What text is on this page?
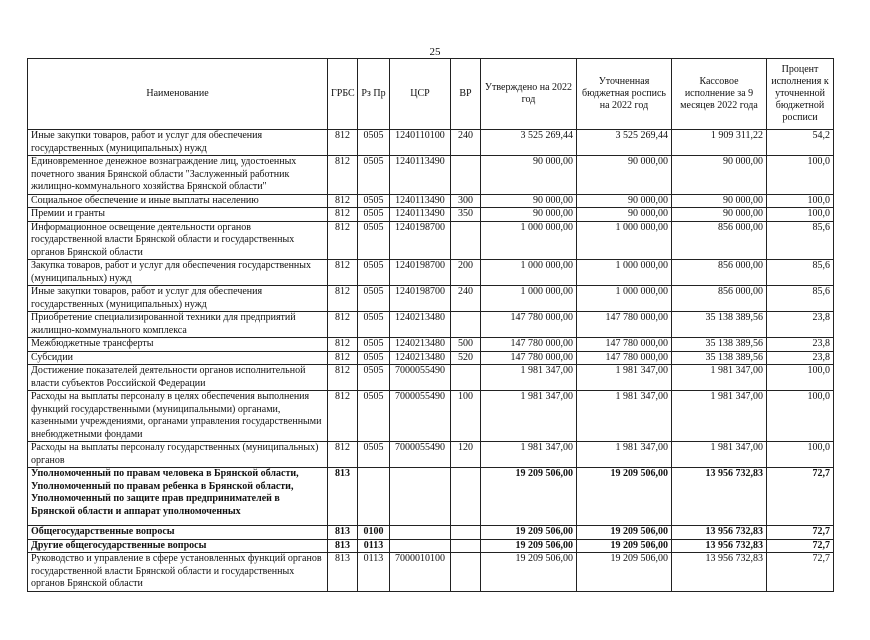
25
Наименование	ГРБС	Рз Пр	ЦСР	ВР	Утверждено на 2022 год	Уточненная бюджетная роспись на 2022 год	Кассовое исполнение за 9 месяцев 2022 года	Процент исполнения к уточненной бюджетной росписи
Иные закупки товаров, работ и услуг для обеспечения государственных (муниципальных) нужд	812	0505	1240110100	240	3 525 269,44	3 525 269,44	1 909 311,22	54,2
Единовременное денежное вознаграждение лиц, удостоенных почетного звания Брянской области "Заслуженный работник жилищно-коммунального хозяйства Брянской области"	812	0505	1240113490		90 000,00	90 000,00	90 000,00	100,0
Социальное обеспечение и иные выплаты населению	812	0505	1240113490	300	90 000,00	90 000,00	90 000,00	100,0
Премии и гранты	812	0505	1240113490	350	90 000,00	90 000,00	90 000,00	100,0
Информационное освещение деятельности органов государственной власти Брянской области и государственных органов Брянской области	812	0505	1240198700		1 000 000,00	1 000 000,00	856 000,00	85,6
Закупка товаров, работ и услуг для обеспечения государственных (муниципальных) нужд	812	0505	1240198700	200	1 000 000,00	1 000 000,00	856 000,00	85,6
Иные закупки товаров, работ и услуг для обеспечения государственных (муниципальных) нужд	812	0505	1240198700	240	1 000 000,00	1 000 000,00	856 000,00	85,6
Приобретение специализированной техники для предприятий жилищно-коммунального комплекса	812	0505	1240213480		147 780 000,00	147 780 000,00	35 138 389,56	23,8
Межбюджетные трансферты	812	0505	1240213480	500	147 780 000,00	147 780 000,00	35 138 389,56	23,8
Субсидии	812	0505	1240213480	520	147 780 000,00	147 780 000,00	35 138 389,56	23,8
Достижение показателей деятельности органов исполнительной власти субъектов Российской Федерации	812	0505	7000055490		1 981 347,00	1 981 347,00	1 981 347,00	100,0
Расходы на выплаты персоналу в целях обеспечения выполнения функций государственными (муниципальными) органами, казенными учреждениями, органами управления государственными внебюджетными фондами	812	0505	7000055490	100	1 981 347,00	1 981 347,00	1 981 347,00	100,0
Расходы на выплаты персоналу государственных (муниципальных) органов	812	0505	7000055490	120	1 981 347,00	1 981 347,00	1 981 347,00	100,0
Уполномоченный по правам человека в Брянской области, Уполномоченный по правам ребенка в Брянской области, Уполномоченный по защите прав предпринимателей в Брянской области и аппарат уполномоченных	813				19 209 506,00	19 209 506,00	13 956 732,83	72,7
Общегосударственные вопросы	813	0100			19 209 506,00	19 209 506,00	13 956 732,83	72,7
Другие общегосударственные вопросы	813	0113			19 209 506,00	19 209 506,00	13 956 732,83	72,7
Руководство и управление в сфере установленных функций органов государственной власти Брянской области и государственных органов Брянской области	813	0113	7000010100		19 209 506,00	19 209 506,00	13 956 732,83	72,7
